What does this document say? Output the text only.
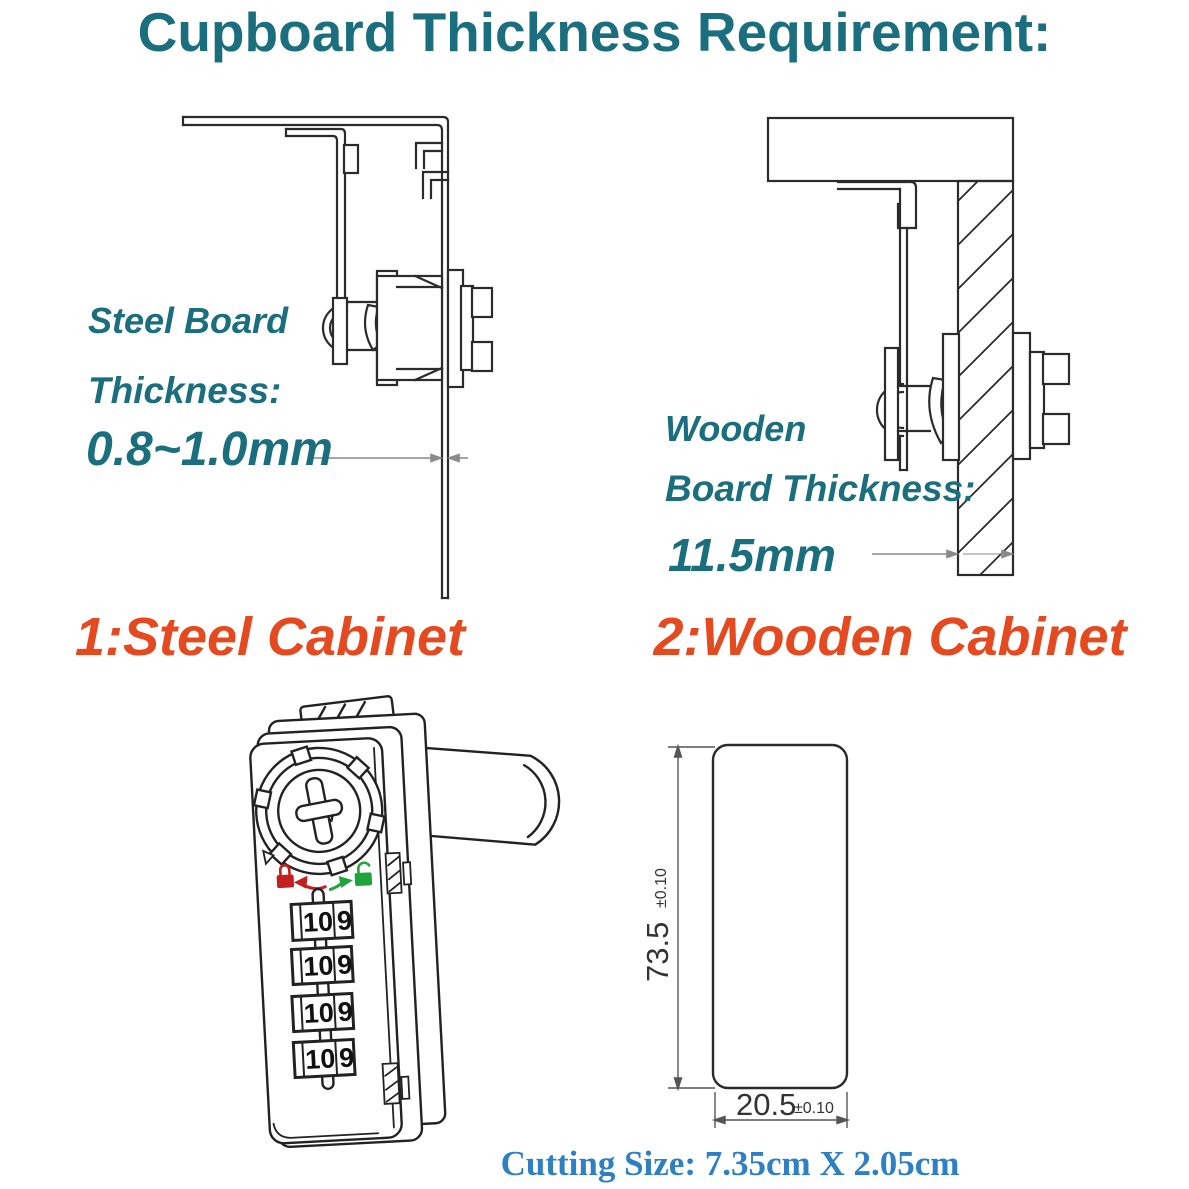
Cupboard Thickness Requirement:
Steel Board
Thickness:
0.8~1.0mm	Wooden
Board Thickness:
11.5mm
1:Steel Cabinet	2:Wooden Cabinet
10 9
10 9
10 9
10 9
73.5
±0.10
20.5
±0.10
Cutting Size: 7.35cm X 2.05cm
